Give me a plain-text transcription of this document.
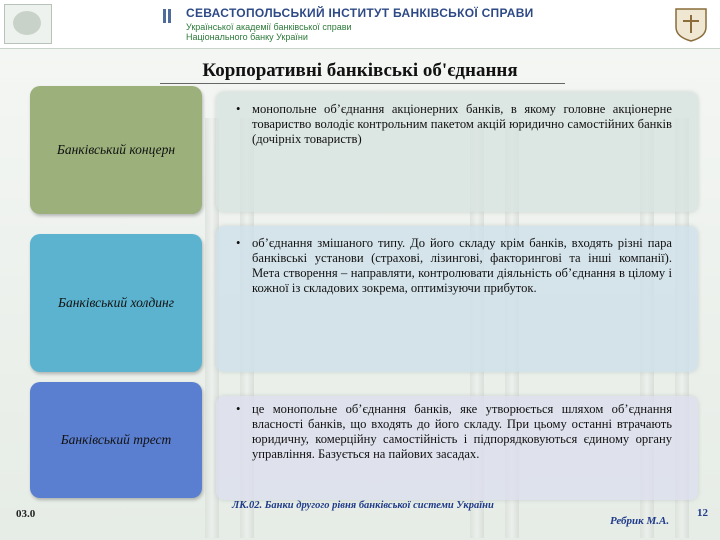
СЕВАСТОПОЛЬСЬКИЙ ІНСТИТУТ БАНКІВСЬКОЇ СПРАВИ
Української академії банківської справи
Національного банку України
Корпоративні банківські об'єднання
Банківський концерн
• монопольне об’єднання акціонерних банків, в якому головне акціонерне товариство володіє контрольним пакетом акцій юридично самостійних банків (дочірніх товариств)
Банківський холдинг
• об’єднання змішаного типу. До його складу крім банків, входять різні пара банківські установи (страхові, лізингові, факторингові та інші компанії). Мета створення – направляти, контролювати діяльність об’єднання в цілому і кожної із складових зокрема, оптимізуючи прибуток.
Банківський трест
• це монопольне об’єднання банків, яке утворюється шляхом об’єднання власності банків, що входять до його складу. При цьому останні втрачають юридичну, комерційну самостійність і підпорядковуються єдиному органу управління. Базується на пайових засадах.
03.0
ЛК.02. Банки другого рівня банківської системи України
Ребрик М.А.
12
